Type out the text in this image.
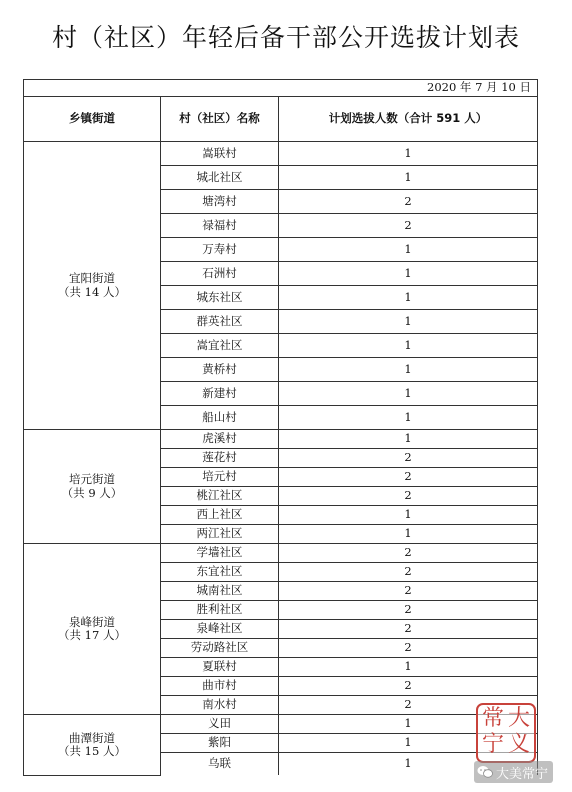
村（社区）年轻后备干部公开选拔计划表
2020 年 7 月 10 日		
乡镇街道	村（社区）名称	计划选拔人数（合计 591 人）

宜阳街道
（共 14 人）	嵩联村	1
	城北社区	1
	塘湾村	2
	禄福村	2
	万寿村	1
	石洲村	1
	城东社区	1
	群英社区	1
	嵩宜社区	1
	黄桥村	1
	新建村	1
	船山村	1

培元街道
（共 9 人）	虎溪村	1
	莲花村	2
	培元村	2
	桃江社区	2
	西上社区	1
	两江社区	1

泉峰街道
（共 17 人）	学墙社区	2
	东宜社区	2
	城南社区	2
	胜利社区	2
	泉峰社区	2
	劳动路社区	2
	夏联村	1
	曲市村	2
	南水村	2

曲潭街道
（共 15 人）	义田	1
	紫阳	1
	乌联	1
大
义
常
宁
大美常宁
